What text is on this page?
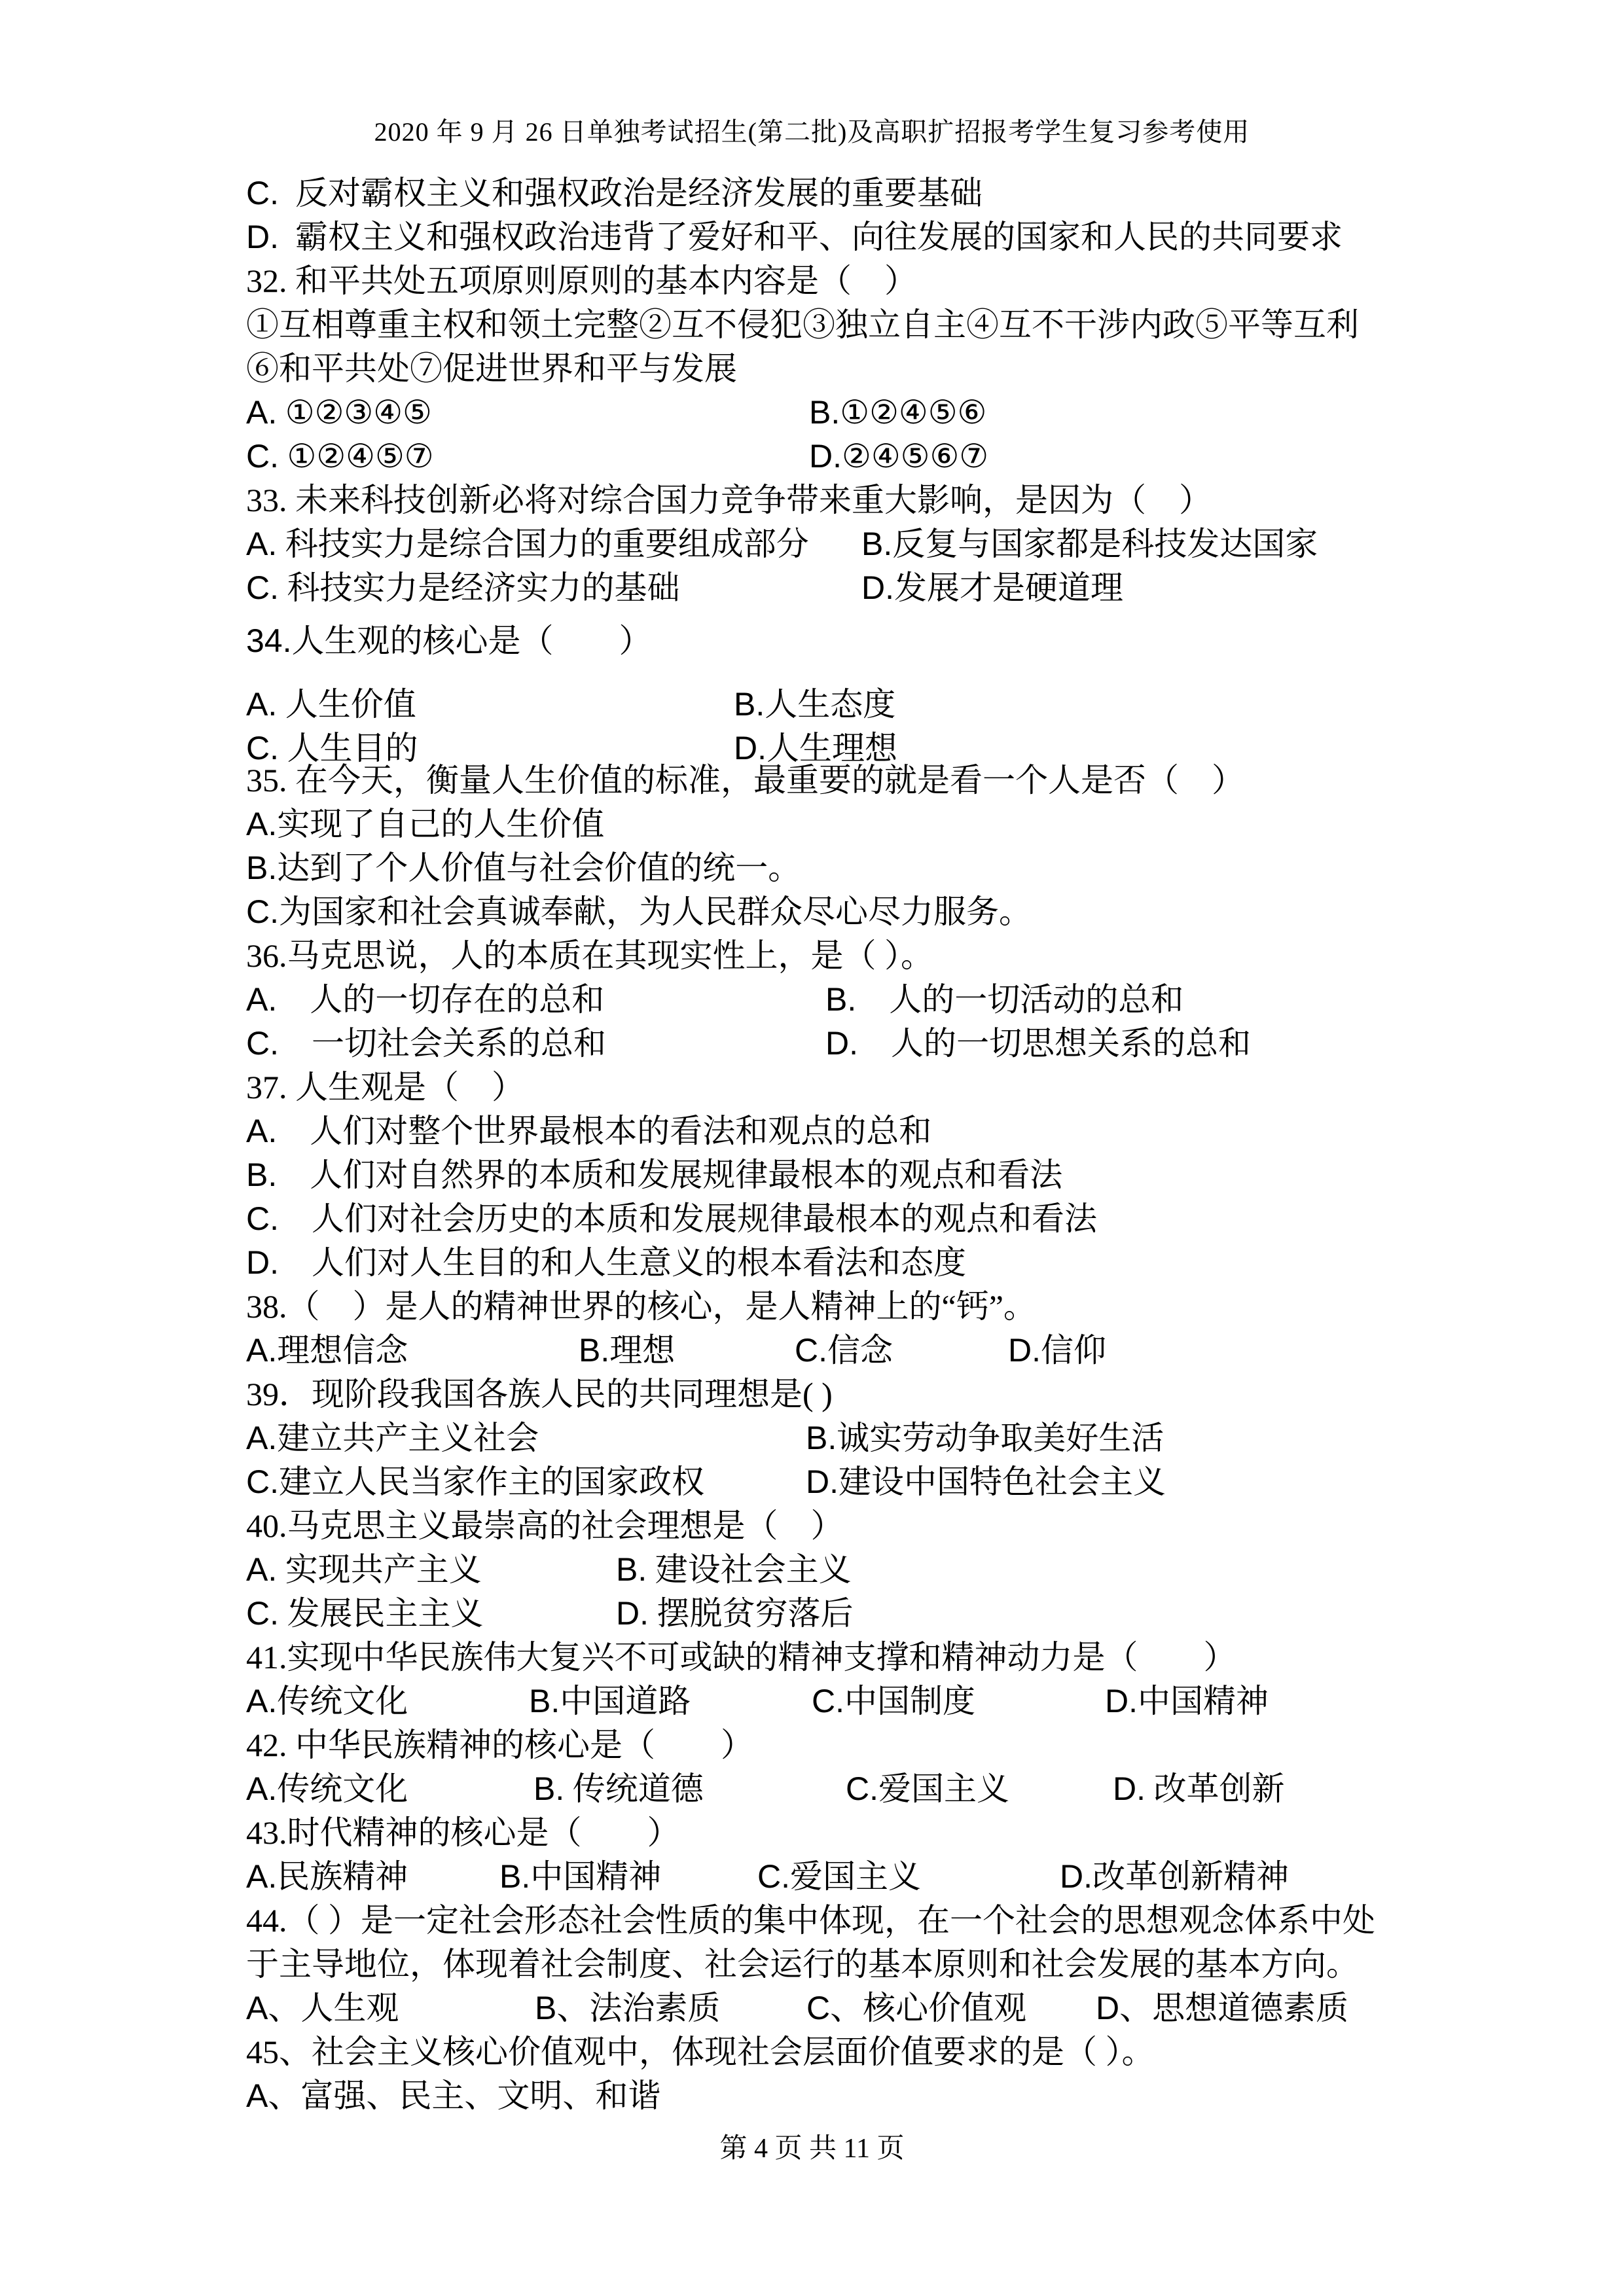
2020 年 9 月 26 日单独考试招生(第二批)及高职扩招报考学生复习参考使用
C.  反对霸权主义和强权政治是经济发展的重要基础
D.  霸权主义和强权政治违背了爱好和平、向往发展的国家和人民的共同要求
32. 和平共处五项原则原则的基本内容是（　）
①互相尊重主权和领土完整②互不侵犯③独立自主④互不干涉内政⑤平等互利
⑥和平共处⑦促进世界和平与发展
A. ①②③④⑤	B.①②④⑤⑥
C. ①②④⑤⑦	D.②④⑤⑥⑦
33. 未来科技创新必将对综合国力竞争带来重大影响，是因为（　）
A. 科技实力是综合国力的重要组成部分 B.反复与国家都是科技发达国家
C. 科技实力是经济实力的基础	D.发展才是硬道理
34.人生观的核心是（　　）
A. 人生价值	B.人生态度
C. 人生目的	D.人生理想
35. 在今天，衡量人生价值的标准，最重要的就是看一个人是否（　）
A.实现了自己的人生价值
B.达到了个人价值与社会价值的统一。
C.为国家和社会真诚奉献，为人民群众尽心尽力服务。
36.马克思说，人的本质在其现实性上，是（ ）。
A.　人的一切存在的总和	B.　人的一切活动的总和
C.　一切社会关系的总和	D.　人的一切思想关系的总和
37. 人生观是（　）
A.　人们对整个世界最根本的看法和观点的总和
B.　人们对自然界的本质和发展规律最根本的观点和看法
C.　人们对社会历史的本质和发展规律最根本的观点和看法
D.　人们对人生目的和人生意义的根本看法和态度
38.（　）是人的精神世界的核心，是人精神上的“钙”。
A.理想信念	B.理想	C.信念	D.信仰
39．现阶段我国各族人民的共同理想是( )
A.建立共产主义社会	B.诚实劳动争取美好生活
C.建立人民当家作主的国家政权	D.建设中国特色社会主义
40.马克思主义最崇高的社会理想是（　）
A. 实现共产主义	B. 建设社会主义
C. 发展民主主义	D. 摆脱贫穷落后
41.实现中华民族伟大复兴不可或缺的精神支撑和精神动力是（　　）
A.传统文化	B.中国道路	C.中国制度	D.中国精神
42. 中华民族精神的核心是（　　）
A.传统文化	B. 传统道德	C.爱国主义	D. 改革创新
43.时代精神的核心是（　　）
A.民族精神	B.中国精神	C.爱国主义	D.改革创新精神
44.（ ）是一定社会形态社会性质的集中体现，在一个社会的思想观念体系中处
于主导地位，体现着社会制度、社会运行的基本原则和社会发展的基本方向。
A、人生观	B、法治素质	C、核心价值观 D、思想道德素质
45、社会主义核心价值观中，体现社会层面价值要求的是（ ）。
A、富强、民主、文明、和谐
第 4 页 共 11 页
